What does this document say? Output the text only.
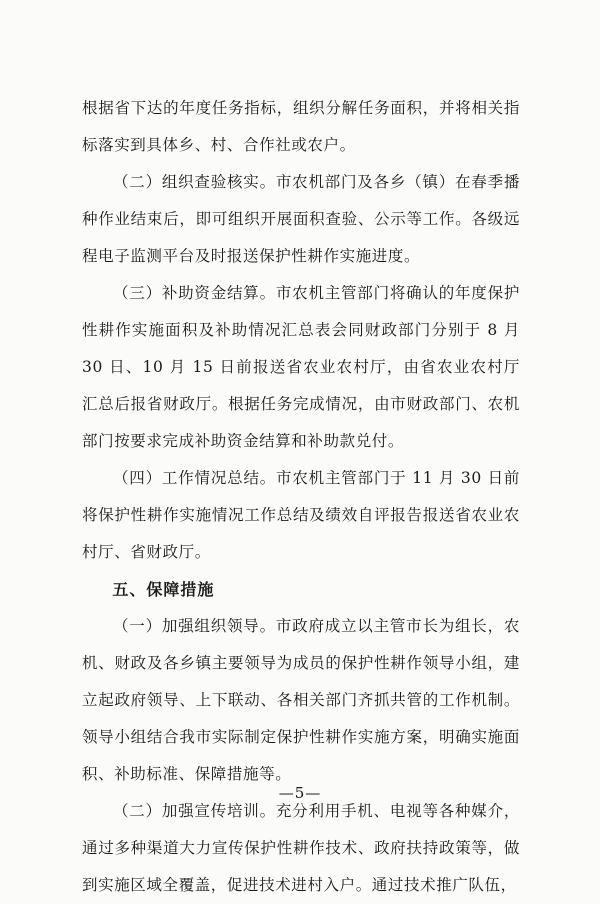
根据省下达的年度任务指标，组织分解任务面积，并将相关指标落实到具体乡、村、合作社或农户。

（二）组织查验核实。市农机部门及各乡（镇）在春季播种作业结束后，即可组织开展面积查验、公示等工作。各级远程电子监测平台及时报送保护性耕作实施进度。

（三）补助资金结算。市农机主管部门将确认的年度保护性耕作实施面积及补助情况汇总表会同财政部门分别于 8 月 30 日、10 月 15 日前报送省农业农村厅，由省农业农村厅汇总后报省财政厅。根据任务完成情况，由市财政部门、农机部门按要求完成补助资金结算和补助款兑付。

（四）工作情况总结。市农机主管部门于 11 月 30 日前将保护性耕作实施情况工作总结及绩效自评报告报送省农业农村厅、省财政厅。

五、保障措施

（一）加强组织领导。市政府成立以主管市长为组长，农机、财政及各乡镇主要领导为成员的保护性耕作领导小组，建立起政府领导、上下联动、各相关部门齐抓共管的工作机制。领导小组结合我市实际制定保护性耕作实施方案，明确实施面积、补助标准、保障措施等。

（二）加强宣传培训。充分利用手机、电视等各种媒介，通过多种渠道大力宣传保护性耕作技术、政府扶持政策等，做到实施区域全覆盖，促进技术进村入户。通过技术推广队伍，

—5—
